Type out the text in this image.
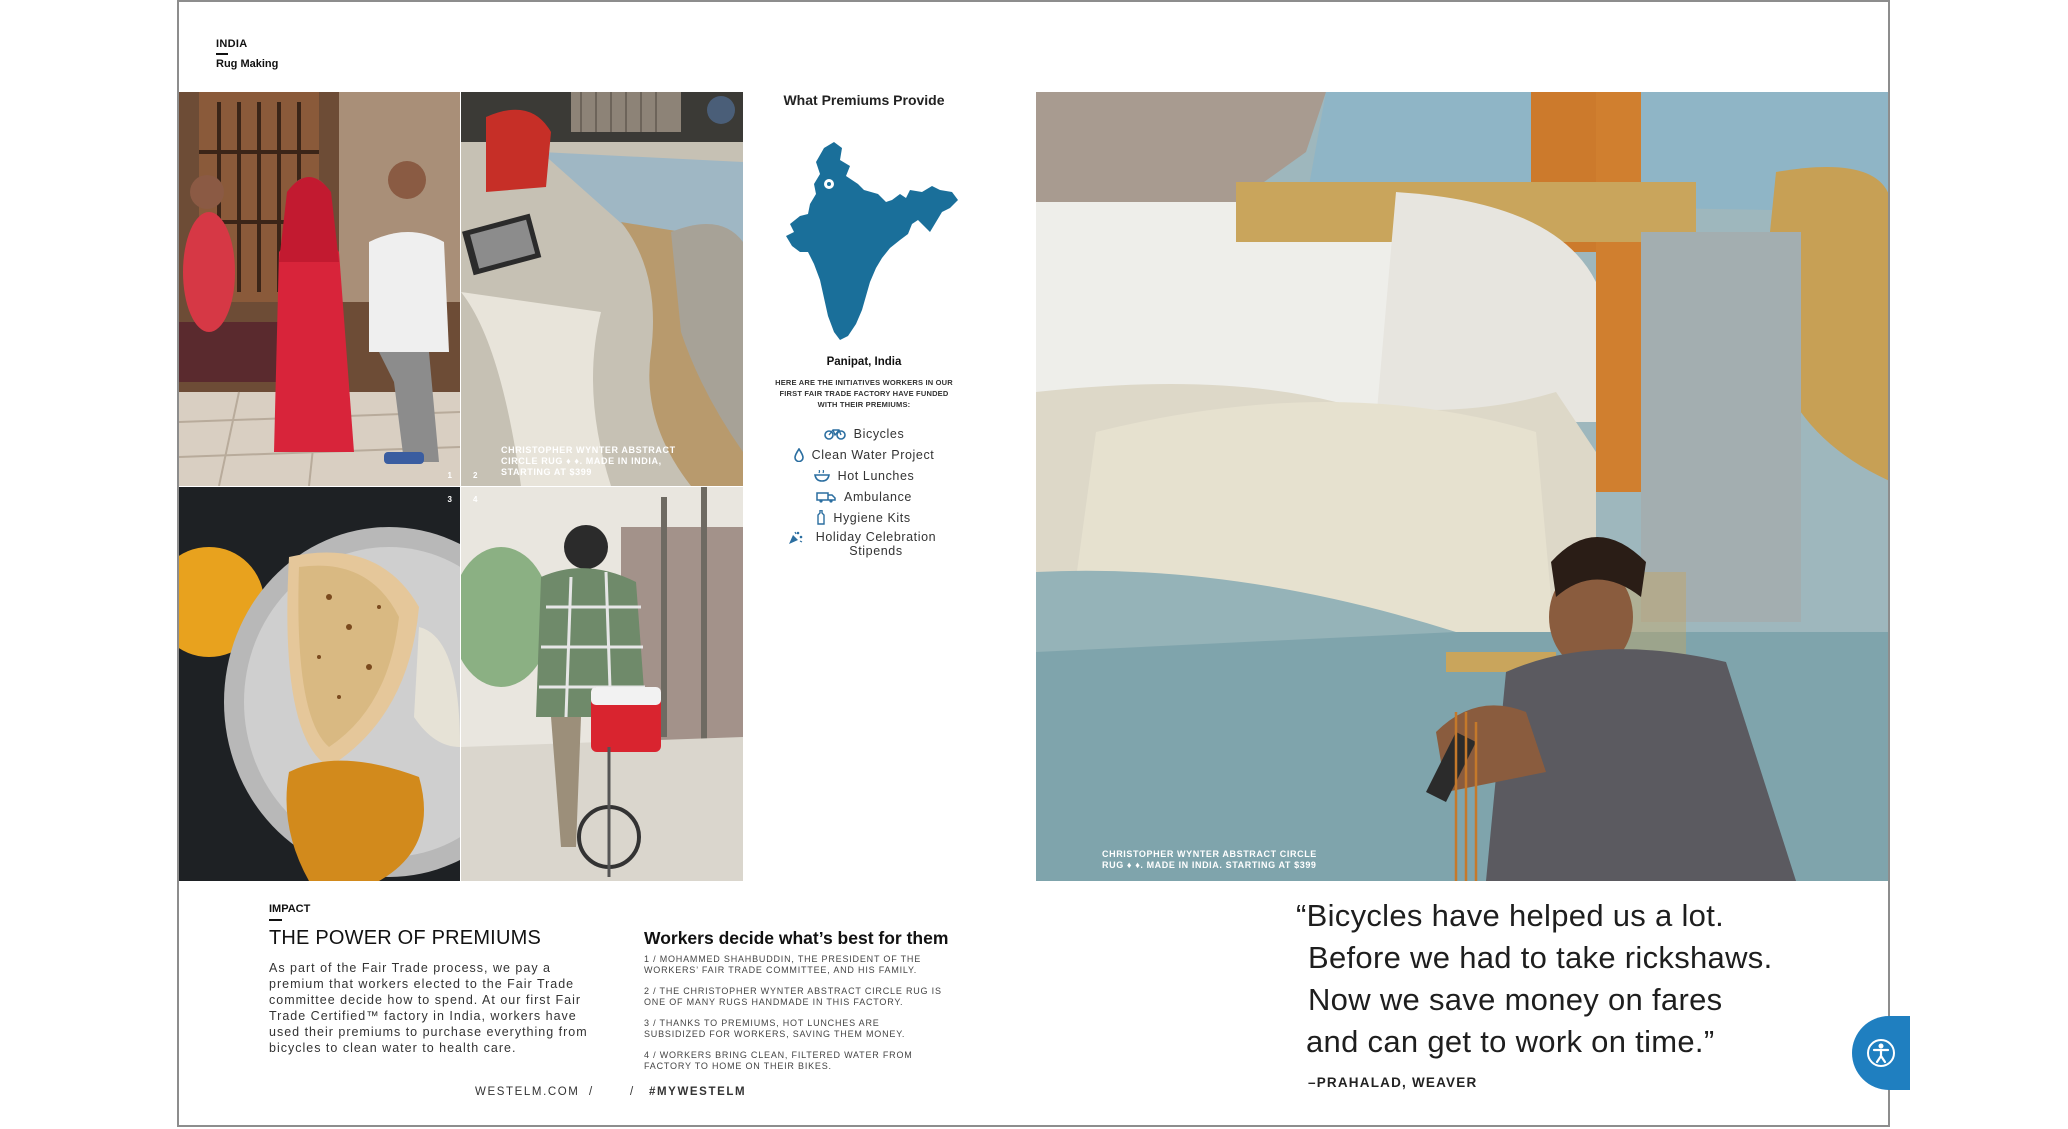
INDIA
Rug Making
1	2
CHRISTOPHER WYNTER ABSTRACT CIRCLE RUG ♦ ♦. MADE IN INDIA, STARTING AT $399
3	4
What Premiums Provide
Panipat, India
HERE ARE THE INITIATIVES WORKERS IN OUR FIRST FAIR TRADE FACTORY HAVE FUNDED WITH THEIR PREMIUMS:
Bicycles
Clean Water Project
Hot Lunches
Ambulance
Hygiene Kits
Holiday Celebration Stipends
CHRISTOPHER WYNTER ABSTRACT CIRCLE RUG ♦ ♦. MADE IN INDIA. STARTING AT $399
IMPACT
THE POWER OF PREMIUMS
As part of the Fair Trade process, we pay a premium that workers elected to the Fair Trade committee decide how to spend. At our first Fair Trade Certified™ factory in India, workers have used their premiums to purchase everything from bicycles to clean water to health care.
Workers decide what’s best for them

1 / MOHAMMED SHAHBUDDIN, THE PRESIDENT OF THE WORKERS’ FAIR TRADE COMMITTEE, AND HIS FAMILY.

2 / THE CHRISTOPHER WYNTER ABSTRACT CIRCLE RUG IS ONE OF MANY RUGS HANDMADE IN THIS FACTORY.

3 / THANKS TO PREMIUMS, HOT LUNCHES ARE SUBSIDIZED FOR WORKERS, SAVING THEM MONEY.

4 / WORKERS BRING CLEAN, FILTERED WATER FROM FACTORY TO HOME ON THEIR BIKES.

WESTELM.COM /	/ #MYWESTELM
“Bicycles have helped us a lot.
Before we had to take rickshaws.
Now we save money on fares
and can get to work on time.”
–PRAHALAD, WEAVER
